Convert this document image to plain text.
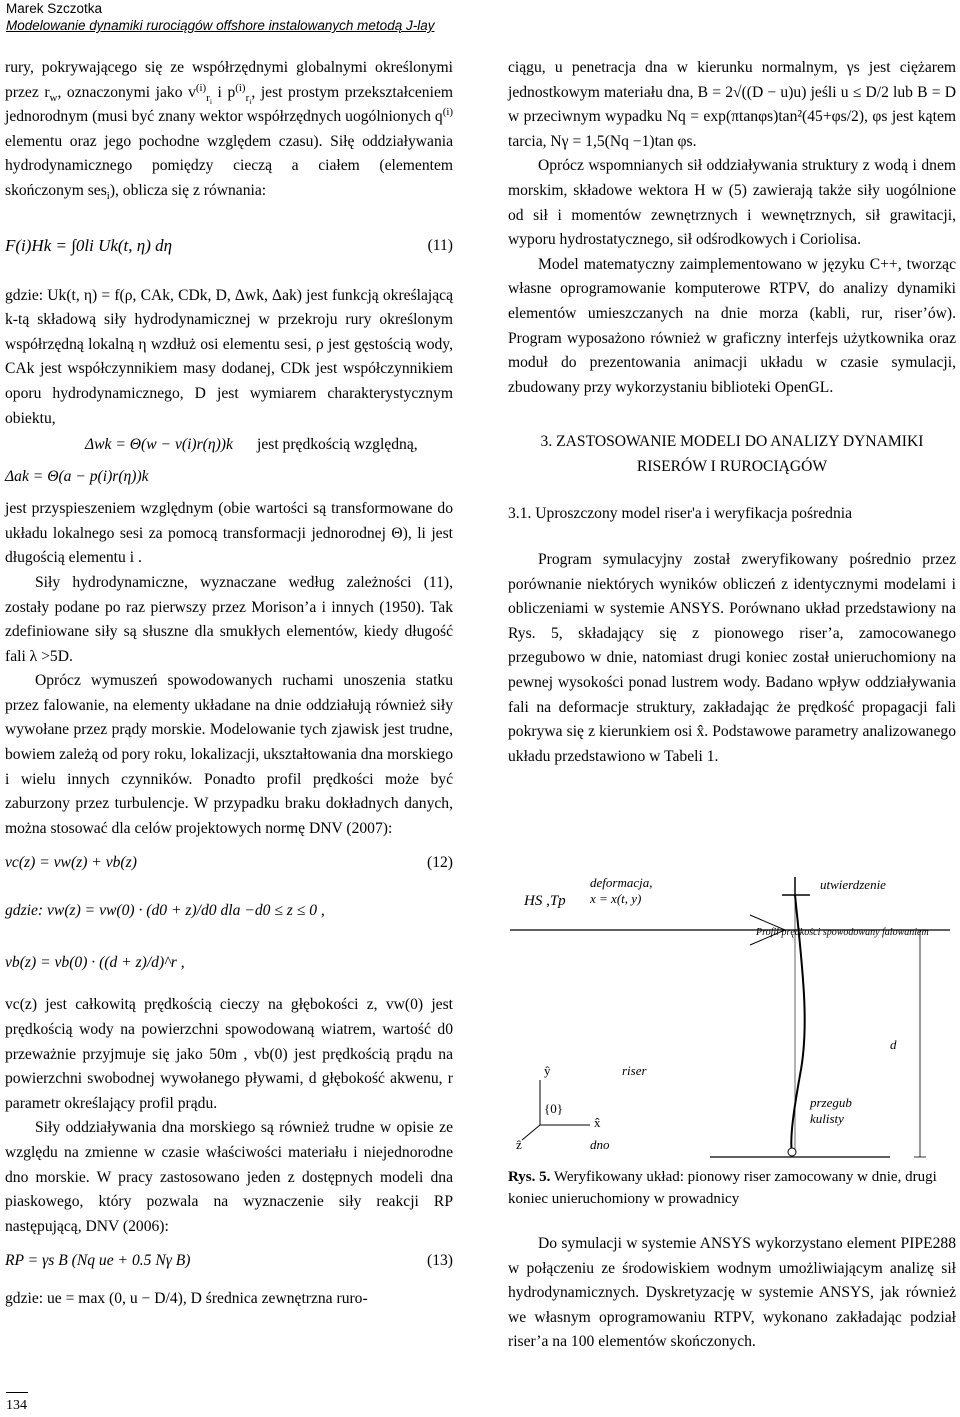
Marek Szczotka
Modelowanie dynamiki rurociągów offshore instalowanych metodą J-lay

rury, pokrywającego się ze współrzędnymi globalnymi określonymi przez $r_w$, oznaczonymi jako $v^{(i)}_{r_i}$ i $p^{(i)}_{r_i}$, jest prostym przekształceniem jednorodnym (musi być znany wektor współrzędnych uogólnionych $q^{(i)}$ elementu oraz jego pochodne względem czasu). Siłę oddziaływania hydrodynamicznego pomiędzy cieczą a ciałem (elementem skończonym ses$_i$), oblicza się z równania:

F(i)Hk = ∫0li Uk(t, η) dη	(11)

gdzie: Uk(t, η) = f(ρ, CAk, CDk, D, Δwk, Δak) jest funkcją określającą k-tą składową siły hydrodynamicznej w przekroju rury określonym współrzędną lokalną η wzdłuż osi elementu sesi, ρ jest gęstością wody, CAk jest współczynnikiem masy dodanej, CDk jest współczynnikiem oporu hydrodynamicznego, D jest wymiarem charakterystycznym obiektu,

Δwk = Θ(w − v(i)r(η))k jest prędkością względną,
Δak = Θ(a − p(i)r(η))k

jest przyspieszeniem względnym (obie wartości są transformowane do układu lokalnego sesi za pomocą transformacji jednorodnej Θ), li jest długością elementu i .

Siły hydrodynamiczne, wyznaczane według zależności (11), zostały podane po raz pierwszy przez Morison’a i innych (1950). Tak zdefiniowane siły są słuszne dla smukłych elementów, kiedy długość fali λ >5D.

Oprócz wymuszeń spowodowanych ruchami unoszenia statku przez falowanie, na elementy układane na dnie oddziałują również siły wywołane przez prądy morskie. Modelowanie tych zjawisk jest trudne, bowiem zależą od pory roku, lokalizacji, ukształtowania dna morskiego i wielu innych czynników. Ponadto profil prędkości może być zaburzony przez turbulencje. W przypadku braku dokładnych danych, można stosować dla celów projektowych normę DNV (2007):

vc(z) = vw(z) + vb(z)	(12)
gdzie: vw(z) = vw(0) · (d0 + z)/d0 dla −d0 ≤ z ≤ 0 ,
vb(z) = vb(0) · ((d + z)/d)^r ,

vc(z) jest całkowitą prędkością cieczy na głębokości z, vw(0) jest prędkością wody na powierzchni spowodowaną wiatrem, wartość d0 przeważnie przyjmuje się jako 50m , vb(0) jest prędkością prądu na powierzchni swobodnej wywołanego pływami, d głębokość akwenu, r parametr określający profil prądu.

Siły oddziaływania dna morskiego są również trudne w opisie ze względu na zmienne w czasie właściwości materiału i niejednorodne dno morskie. W pracy zastosowano jeden z dostępnych modeli dna piaskowego, który pozwala na wyznaczenie siły reakcji RP następującą, DNV (2006):

RP = γs B (Nq ue + 0.5 Nγ B)	(13)

gdzie: ue = max (0, u − D/4), D średnica zewnętrzna ruro-

ciągu, u penetracja dna w kierunku normalnym, γs jest ciężarem jednostkowym materiału dna, B = 2√((D − u)u) jeśli u ≤ D/2 lub B = D w przeciwnym wypadku Nq = exp(πtanφs)tan²(45+φs/2), φs jest kątem tarcia, Nγ = 1,5(Nq −1)tan φs.

Oprócz wspomnianych sił oddziaływania struktury z wodą i dnem morskim, składowe wektora H w (5) zawierają także siły uogólnione od sił i momentów zewnętrznych i wewnętrznych, sił grawitacji, wyporu hydrostatycznego, sił odśrodkowych i Coriolisa.

Model matematyczny zaimplementowano w języku C++, tworząc własne oprogramowanie komputerowe RTPV, do analizy dynamiki elementów umieszczanych na dnie morza (kabli, rur, riser’ów). Program wyposażono również w graficzny interfejs użytkownika oraz moduł do prezentowania animacji układu w czasie symulacji, zbudowany przy wykorzystaniu biblioteki OpenGL.

3. ZASTOSOWANIE MODELI DO ANALIZY DYNAMIKI RISERÓW I RUROCIĄGÓW

3.1. Uproszczony model riser'a i weryfikacja pośrednia

Program symulacyjny został zweryfikowany pośrednio przez porównanie niektórych wyników obliczeń z identycznymi modelami i obliczeniami w systemie ANSYS. Porównano układ przedstawiony na Rys. 5, składający się z pionowego riser’a, zamocowanego przegubowo w dnie, natomiast drugi koniec został unieruchomiony na pewnej wysokości ponad lustrem wody. Badano wpływ oddziaływania fali na deformacje struktury, zakładając że prędkość propagacji fali pokrywa się z kierunkiem osi x̂. Podstawowe parametry analizowanego układu przedstawiono w Tabeli 1.

deformacja,
x = x(t, y)
utwierdzenie
HS ,Tp
Profil prędkości spowodowany falowaniem
ŷ
{0}
x̂
ẑ
riser
d
przegub kulisty
dno
Rys. 5. Weryfikowany układ: pionowy riser zamocowany w dnie, drugi koniec unieruchomiony w prowadnicy

Do symulacji w systemie ANSYS wykorzystano element PIPE288 w połączeniu ze środowiskiem wodnym umożliwiającym analizę sił hydrodynamicznych. Dyskretyzację w systemie ANSYS, jak również we własnym oprogramowaniu RTPV, wykonano zakładając podział riser’a na 100 elementów skończonych.

134
